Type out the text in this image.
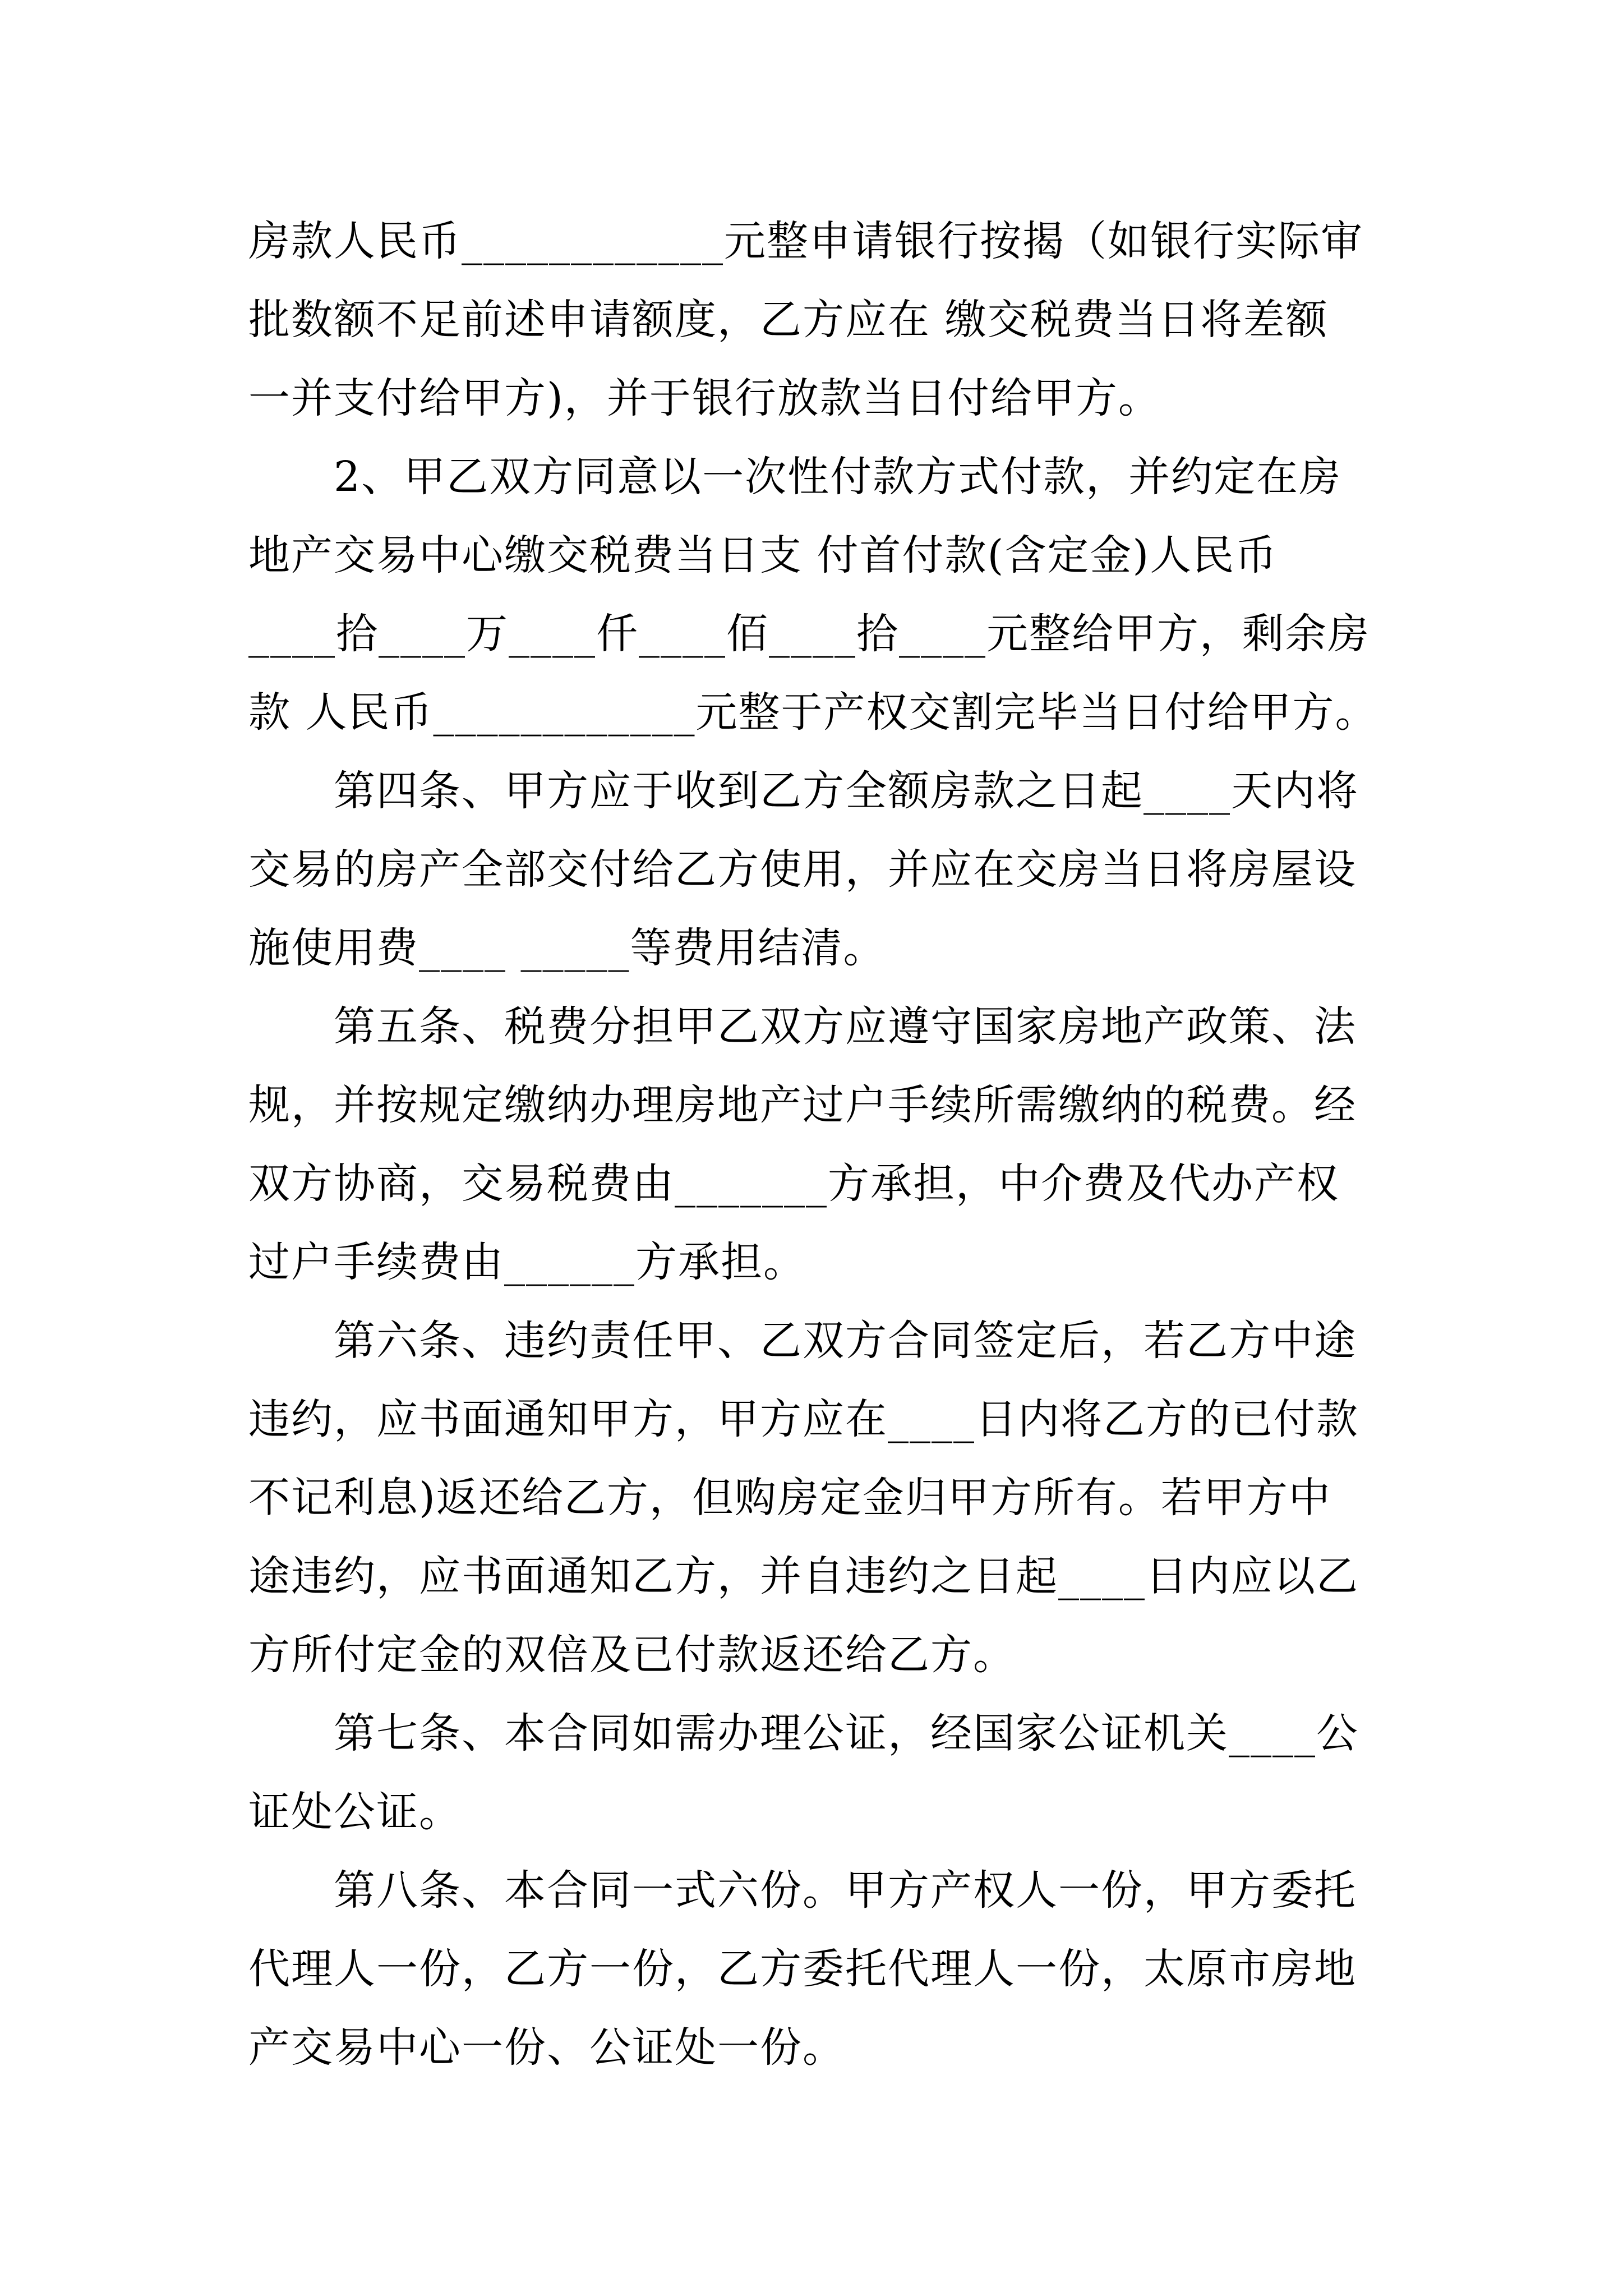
房款人民币____________元整申请银行按揭（如银行实际审
批数额不足前述申请额度，乙方应在 缴交税费当日将差额
一并支付给甲方)，并于银行放款当日付给甲方。
　　2、甲乙双方同意以一次性付款方式付款，并约定在房
地产交易中心缴交税费当日支 付首付款(含定金)人民币
____拾____万____仟____佰____拾____元整给甲方，剩余房
款 人民币____________元整于产权交割完毕当日付给甲方。
　　第四条、甲方应于收到乙方全额房款之日起____天内将
交易的房产全部交付给乙方使用，并应在交房当日将房屋设
施使用费____ _____等费用结清。
　　第五条、税费分担甲乙双方应遵守国家房地产政策、法
规，并按规定缴纳办理房地产过户手续所需缴纳的税费。经
双方协商，交易税费由_______方承担，中介费及代办产权
过户手续费由______方承担。
　　第六条、违约责任甲、乙双方合同签定后，若乙方中途
违约，应书面通知甲方，甲方应在____日内将乙方的已付款
不记利息)返还给乙方，但购房定金归甲方所有。若甲方中
途违约，应书面通知乙方，并自违约之日起____日内应以乙
方所付定金的双倍及已付款返还给乙方。
　　第七条、本合同如需办理公证，经国家公证机关____公
证处公证。
　　第八条、本合同一式六份。甲方产权人一份，甲方委托
代理人一份，乙方一份，乙方委托代理人一份，太原市房地
产交易中心一份、公证处一份。
